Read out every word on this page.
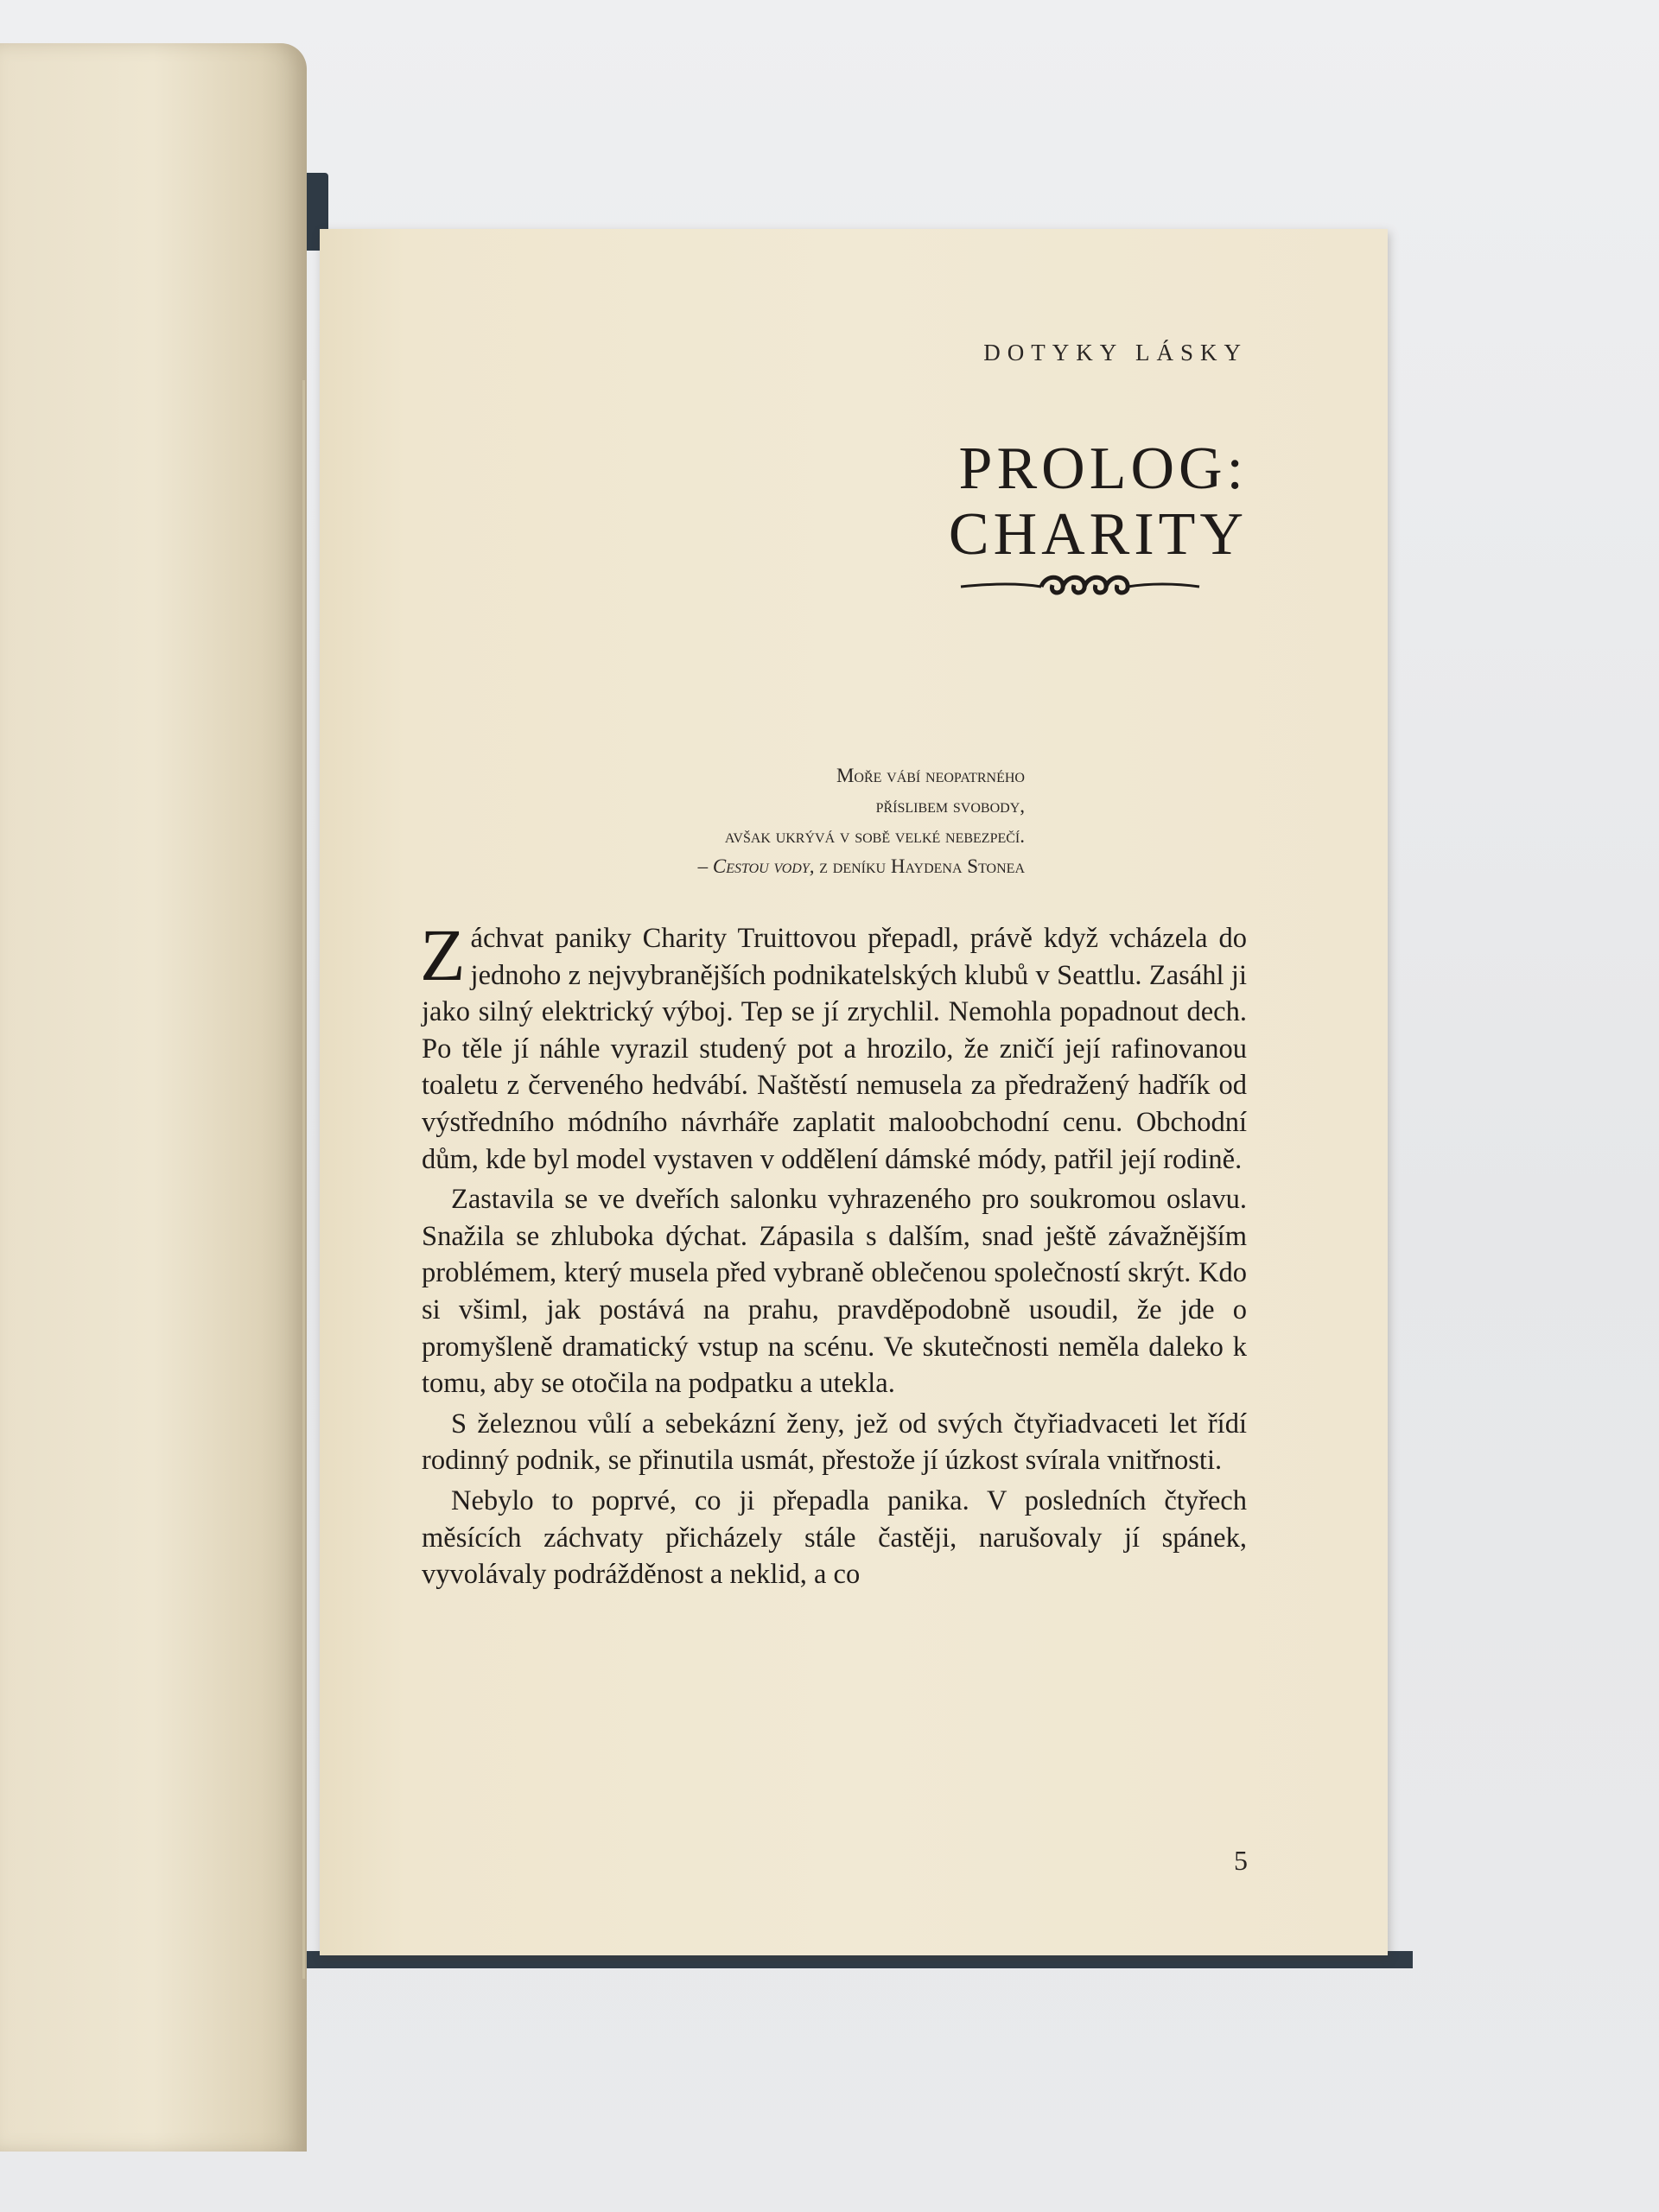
DOTYKY LÁSKY
PROLOG:
CHARITY
Moře vábí neopatrného
příslibem svobody,
avšak ukrývá v sobě velké nebezpečí.
– Cestou vody, z deníku Haydena Stonea

Záchvat paniky Charity Truittovou přepadl, právě když vcházela do jednoho z nejvybranějších podnikatelských klubů v Seattlu. Zasáhl ji jako silný elektrický výboj. Tep se jí zrychlil. Nemohla popadnout dech. Po těle jí náhle vyrazil studený pot a hrozilo, že zničí její rafinovanou toaletu z červeného hedvábí. Naštěstí nemusela za předražený hadřík od výstředního módního návrháře zaplatit maloobchodní cenu. Obchodní dům, kde byl model vystaven v oddělení dámské módy, patřil její rodině.

Zastavila se ve dveřích salonku vyhrazeného pro soukromou oslavu. Snažila se zhluboka dýchat. Zápasila s dalším, snad ještě závažnějším problémem, který musela před vybraně oblečenou společností skrýt. Kdo si všiml, jak postává na prahu, pravděpodobně usoudil, že jde o promyšleně dramatický vstup na scénu. Ve skutečnosti neměla daleko k tomu, aby se otočila na podpatku a utekla.

S železnou vůlí a sebekázní ženy, jež od svých čtyřiadvaceti let řídí rodinný podnik, se přinutila usmát, přestože jí úzkost svírala vnitřnosti.

Nebylo to poprvé, co ji přepadla panika. V posledních čtyřech měsících záchvaty přicházely stále častěji, narušovaly jí spánek, vyvolávaly podrážděnost a neklid, a co

5
